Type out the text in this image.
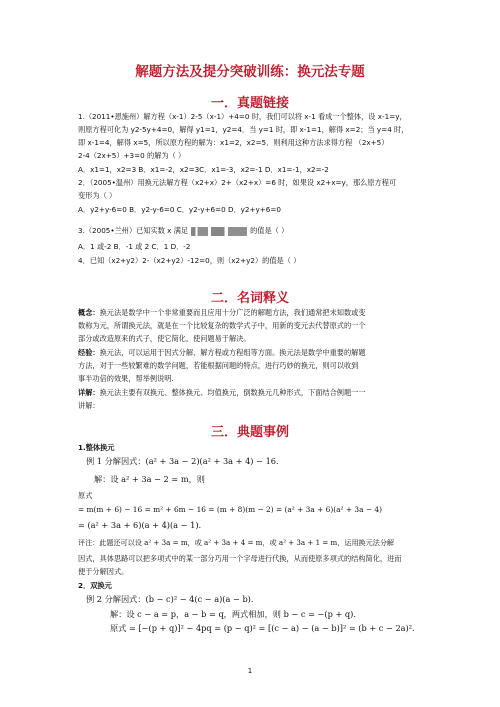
解题方法及提分突破训练：换元法专题
一．真题链接
1.（2011•恩施州）解方程（x-1）2-5（x-1）+4=0 时，我们可以将 x-1 看成一个整体，设 x-1=y，
则原方程可化为 y2-5y+4=0，解得 y1=1，y2=4．当 y=1 时，即 x-1=1，解得 x=2；当 y=4 时，
即 x-1=4，解得 x=5，所以原方程的解为：x1=2，x2=5．则利用这种方法求得方程 （2x+5）
2-4（2x+5）+3=0 的解为（ ）
A．x1=1，x2=3 B．x1=-2，x2=3C．x1=-3，x2=-1 D．x1=-1，x2=-2
2．（2005•温州）用换元法解方程（x2+x）2+（x2+x）=6 时，如果设 x2+x=y，那么原方程可
变形为（ ）
A．y2+y-6=0 B．y2-y-6=0 C．y2-y+6=0 D．y2+y+6=0
3.（2005•兰州）已知实数 x 满足	的值是（ ）
A．1 或-2 B．-1 或 2 C．1 D．-2
4．已知（x2+y2）2-（x2+y2）-12=0，则（x2+y2）的值是（ ）
二．名词释义
概念：换元法是数学中一个非常重要而且应用十分广泛的解题方法，我们通常把未知数或变
数称为元，所谓换元法，就是在一个比较复杂的数学式子中，用新的变元去代替原式的一个
部分或改造原来的式子，使它简化，使问题易于解决。
经验：换元法，可以运用于因式分解、解方程或方程组等方面。换元法是数学中重要的解题
方法，对于一些较繁难的数学问题，若能根据问题的特点，进行巧妙的换元，则可以收到
事半功倍的效果，帮举例说明.
详解：换元法主要有双换元、整体换元、均值换元，倒数换元几种形式，下面结合例题一一
讲解：
三．典题事例
1.整体换元
例 1 分解因式：(a² + 3a − 2)(a² + 3a + 4) − 16.
解：设 a² + 3a − 2 = m，则
原式
= m(m + 6) − 16 = m² + 6m − 16 = (m + 8)(m − 2) = (a² + 3a + 6)(a² + 3a − 4)
= (a² + 3a + 6)(a + 4)(a − 1).
评注：此题还可以设 a² + 3a = m，或 a² + 3a + 4 = m，或 a² + 3a + 1 = m，运用换元法分解
因式，具体思路可以把多项式中的某一部分巧用一个字母进行代换，从而使原多项式的结构简化，进而
便于分解因式。
2．双换元
例 2 分解因式：(b − c)² − 4(c − a)(a − b).
解：设 c − a = p，a − b = q，两式相加，则 b − c = −(p + q).
原式 = [−(p + q)]² − 4pq = (p − q)² = [(c − a) − (a − b)]² = (b + c − 2a)².
1
